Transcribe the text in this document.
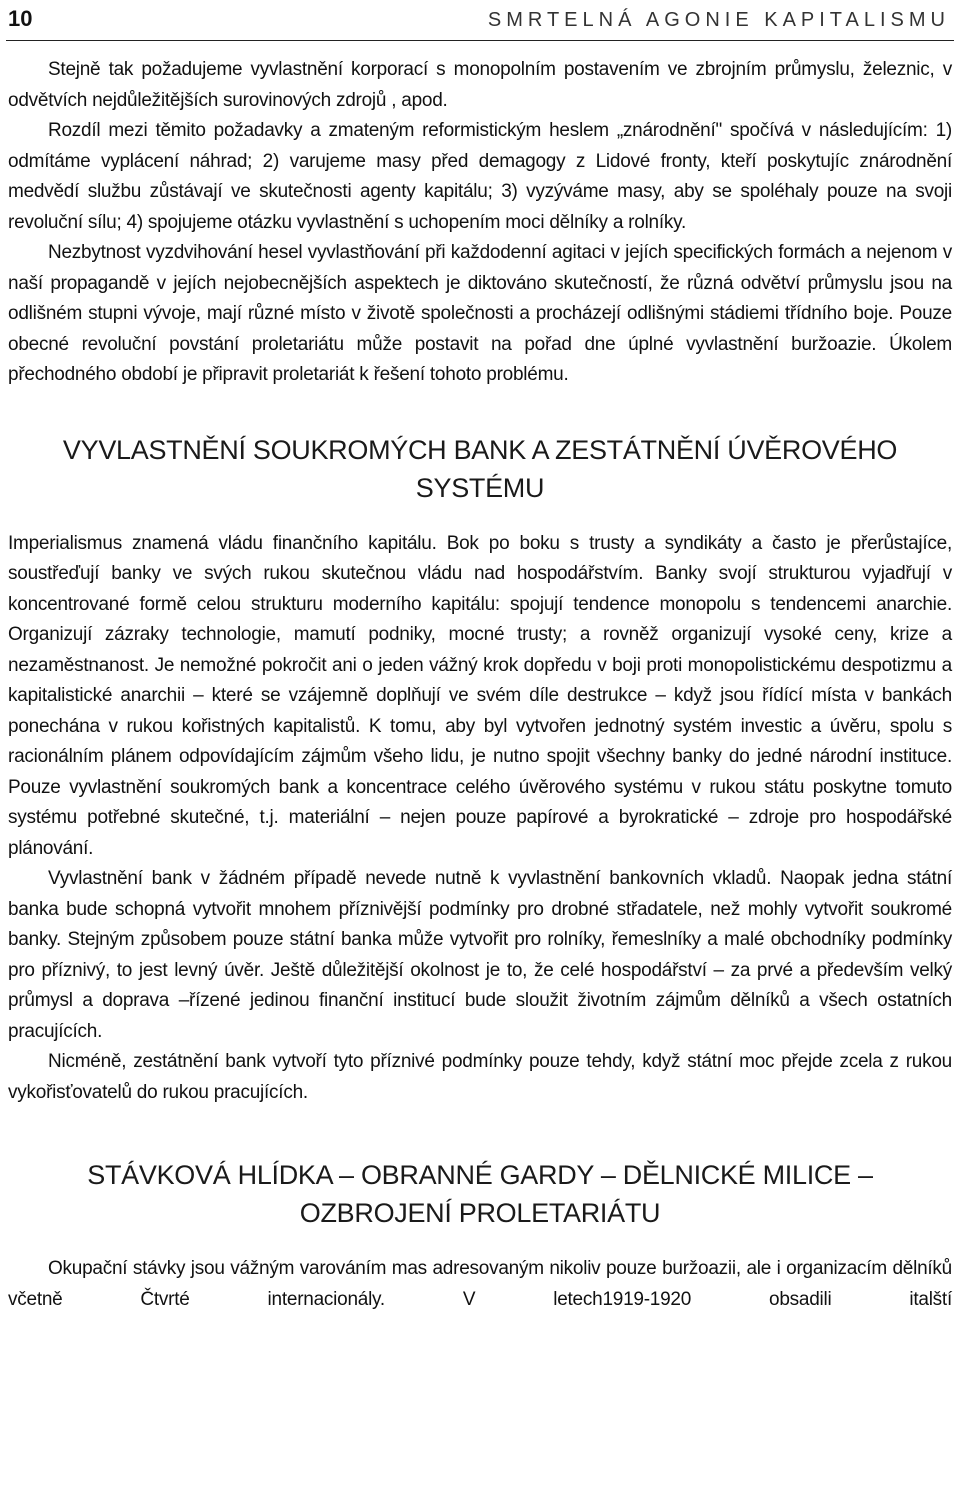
10	SMRTELNÁ AGONIE KAPITALISMU

Stejně tak požadujeme vyvlastnění korporací s monopolním postavením ve zbrojním průmyslu, železnic, v odvětvích nejdůležitějších surovinových zdrojů , apod.

Rozdíl mezi těmito požadavky a zmateným reformistickým heslem „znárodnění" spočívá v následujícím: 1) odmítáme vyplácení náhrad; 2) varujeme masy před demagogy z Lidové fronty, kteří poskytujíc znárodnění medvědí službu zůstávají ve skutečnosti agenty kapitálu; 3) vyzýváme masy, aby se spoléhaly pouze na svoji revoluční sílu; 4) spojujeme otázku vyvlastnění s uchopením moci dělníky a rolníky.

Nezbytnost vyzdvihování hesel vyvlastňování při každodenní agitaci v jejích specifických formách a nejenom v naší propagandě v jejích nejobecnějších aspektech je diktováno skutečností, že různá odvětví průmyslu jsou na odlišném stupni vývoje, mají různé místo v životě společnosti a procházejí odlišnými stádiemi třídního boje. Pouze obecné revoluční povstání proletariátu může postavit na pořad dne úplné vyvlastnění buržoazie. Úkolem přechodného období je připravit proletariát k řešení tohoto problému.

VYVLASTNĚNÍ SOUKROMÝCH BANK A ZESTÁTNĚNÍ ÚVĚROVÉHO SYSTÉMU

Imperialismus znamená vládu finančního kapitálu. Bok po boku s trusty a syndikáty a často je přerůstajíce, soustřeďují banky ve svých rukou skutečnou vládu nad hospodářstvím. Banky svojí strukturou vyjadřují v koncentrované formě celou strukturu moderního kapitálu: spojují tendence monopolu s tendencemi anarchie. Organizují zázraky technologie, mamutí podniky, mocné trusty; a rovněž organizují vysoké ceny, krize a nezaměstnanost. Je nemožné pokročit ani o jeden vážný krok dopředu v boji proti monopolistickému despotizmu a kapitalistické anarchii – které se vzájemně doplňují ve svém díle destrukce – když jsou řídící místa v bankách ponechána v rukou kořistných kapitalistů. K tomu, aby byl vytvořen jednotný systém investic a úvěru, spolu s racionálním plánem odpovídajícím zájmům všeho lidu, je nutno spojit všechny banky do jedné národní instituce. Pouze vyvlastnění soukromých bank a koncentrace celého úvěrového systému v rukou státu poskytne tomuto systému potřebné skutečné, t.j. materiální – nejen pouze papírové a byrokratické – zdroje pro hospodářské plánování.

Vyvlastnění bank v žádném případě nevede nutně k vyvlastnění bankovních vkladů. Naopak jedna státní banka bude schopná vytvořit mnohem příznivější podmínky pro drobné střadatele, než mohly vytvořit soukromé banky. Stejným způsobem pouze státní banka může vytvořit pro rolníky, řemeslníky a malé obchodníky podmínky pro příznivý, to jest levný úvěr. Ještě důležitější okolnost je to, že celé hospodářství – za prvé a především velký průmysl a doprava –řízené jedinou finanční institucí bude sloužit životním zájmům dělníků a všech ostatních pracujících.

Nicméně, zestátnění bank vytvoří tyto příznivé podmínky pouze tehdy, když státní moc přejde zcela z rukou vykořisťovatelů do rukou pracujících.

STÁVKOVÁ HLÍDKA – OBRANNÉ GARDY – DĚLNICKÉ MILICE – OZBROJENÍ PROLETARIÁTU

Okupační stávky jsou vážným varováním mas adresovaným nikoliv pouze buržoazii, ale i organizacím dělníků včetně Čtvrté internacionály. V letech1919-1920 obsadili italští
